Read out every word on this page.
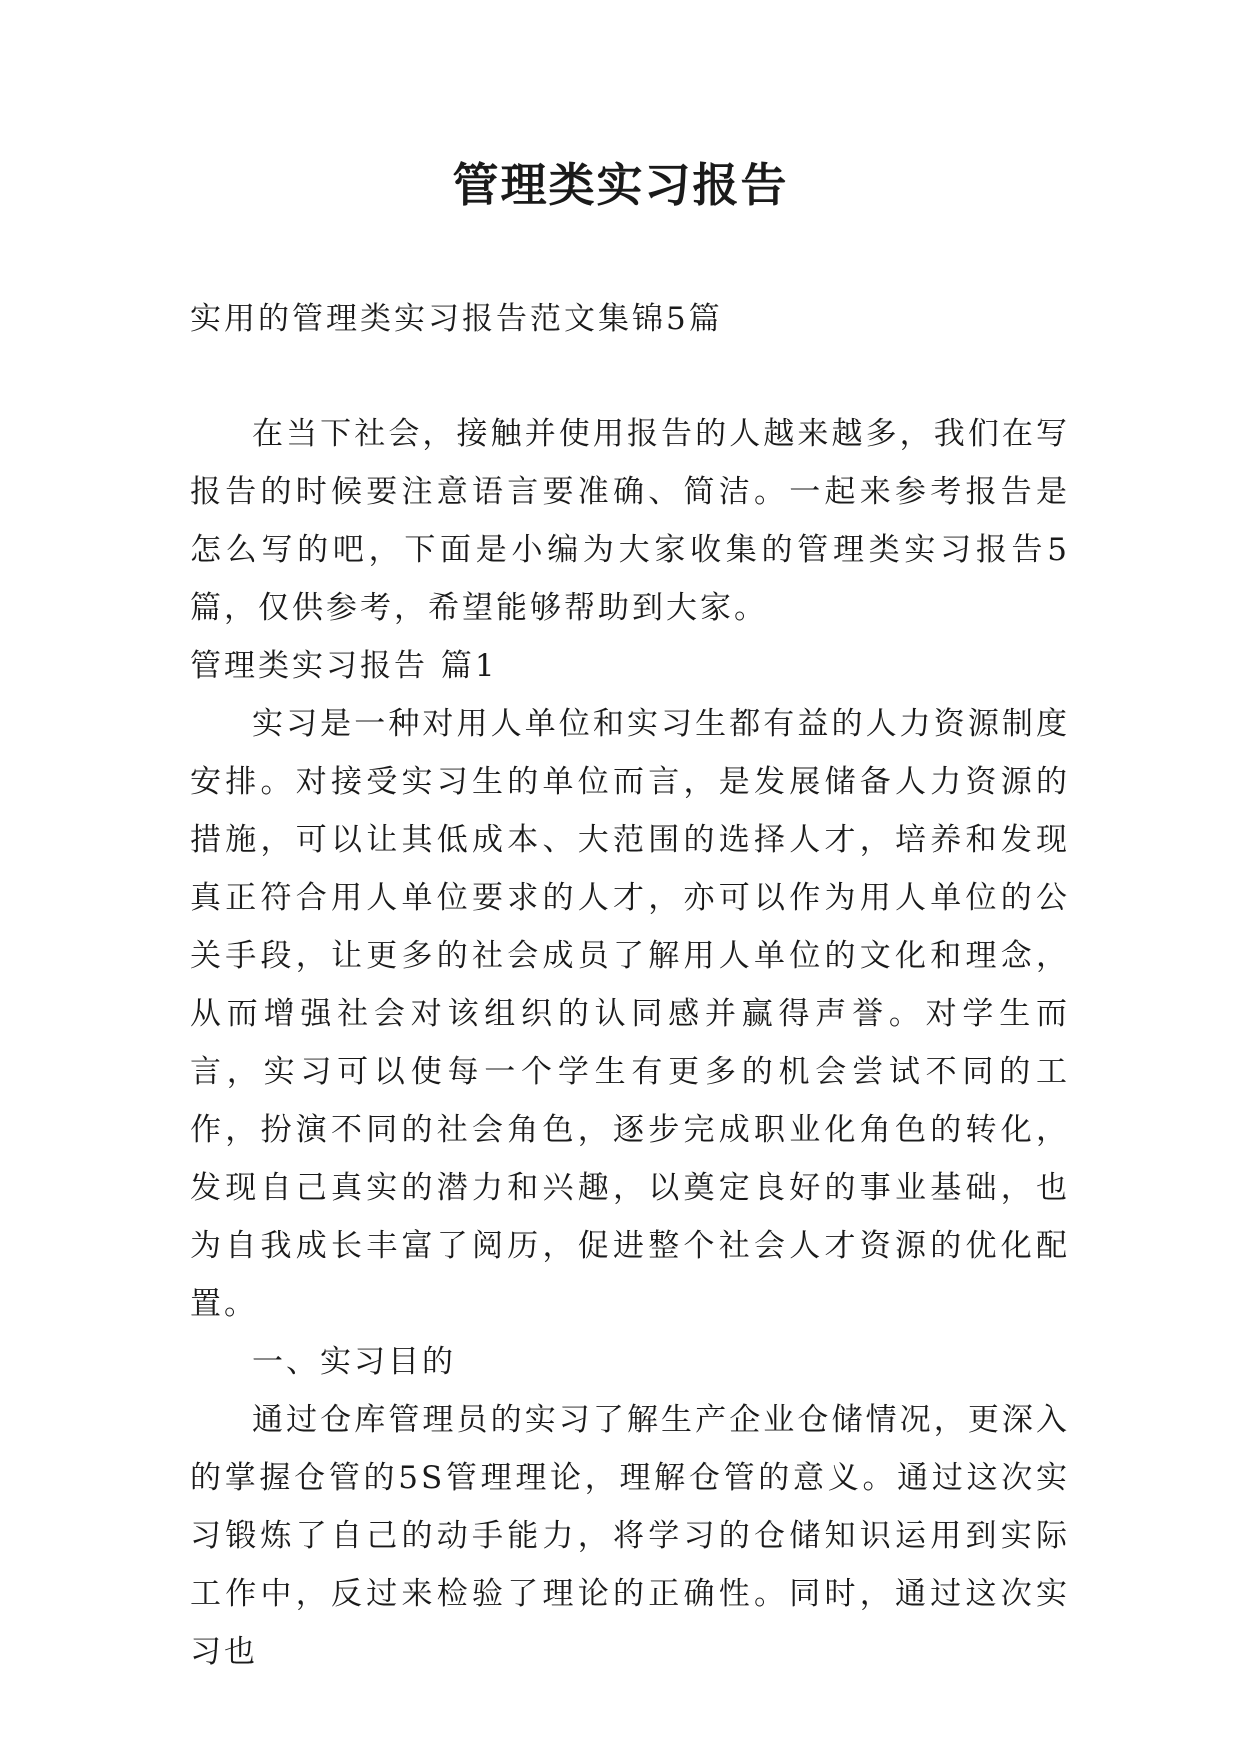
管理类实习报告

实用的管理类实习报告范文集锦5篇

在当下社会，接触并使用报告的人越来越多，我们在写报告的时候要注意语言要准确、简洁。一起来参考报告是怎么写的吧，下面是小编为大家收集的管理类实习报告5篇，仅供参考，希望能够帮助到大家。

管理类实习报告 篇1

实习是一种对用人单位和实习生都有益的人力资源制度安排。对接受实习生的单位而言，是发展储备人力资源的措施，可以让其低成本、大范围的选择人才，培养和发现真正符合用人单位要求的人才，亦可以作为用人单位的公关手段，让更多的社会成员了解用人单位的文化和理念，从而增强社会对该组织的认同感并赢得声誉。对学生而言，实习可以使每一个学生有更多的机会尝试不同的工作，扮演不同的社会角色，逐步完成职业化角色的转化，发现自己真实的潜力和兴趣，以奠定良好的事业基础，也为自我成长丰富了阅历，促进整个社会人才资源的优化配置。

一、实习目的

通过仓库管理员的实习了解生产企业仓储情况，更深入的掌握仓管的5S管理理论，理解仓管的意义。通过这次实习锻炼了自己的动手能力，将学习的仓储知识运用到实际工作中，反过来检验了理论的正确性。同时，通过这次实习也
